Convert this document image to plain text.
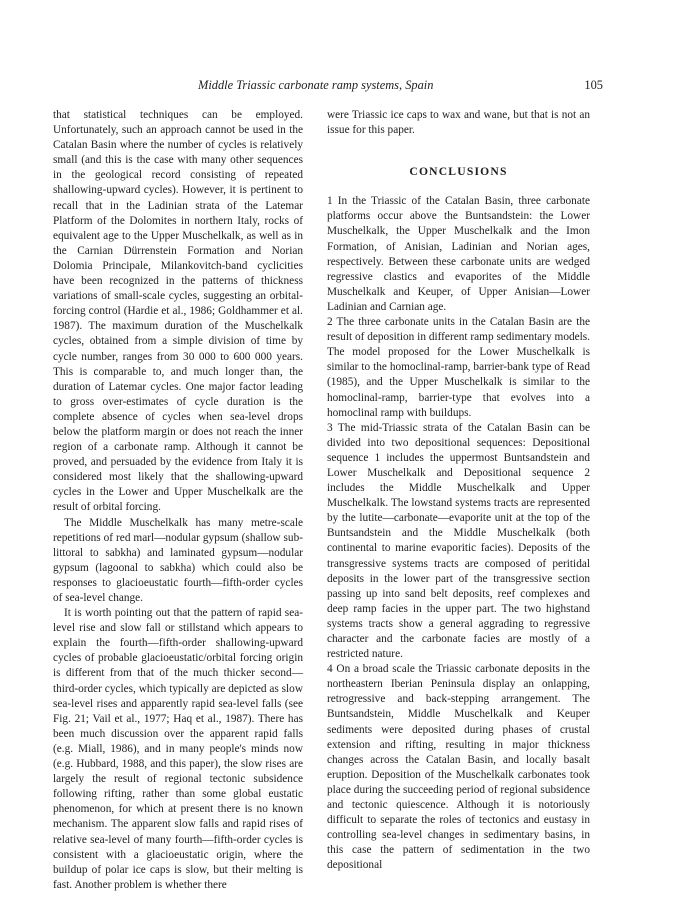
Middle Triassic carbonate ramp systems, Spain	105

that statistical techniques can be employed. Unfortunately, such an approach cannot be used in the Catalan Basin where the number of cycles is relatively small (and this is the case with many other sequences in the geological record consisting of repeated shallowing-upward cycles). However, it is pertinent to recall that in the Ladinian strata of the Latemar Platform of the Dolomites in northern Italy, rocks of equivalent age to the Upper Muschelkalk, as well as in the Carnian Dürrenstein Formation and Norian Dolomia Principale, Milankovitch-band cyclicities have been recognized in the patterns of thickness variations of small-scale cycles, suggesting an orbital-forcing control (Hardie et al., 1986; Goldhammer et al. 1987). The maximum duration of the Muschelkalk cycles, obtained from a simple division of time by cycle number, ranges from 30 000 to 600 000 years. This is comparable to, and much longer than, the duration of Latemar cycles. One major factor leading to gross over-estimates of cycle duration is the complete absence of cycles when sea-level drops below the platform margin or does not reach the inner region of a carbonate ramp. Although it cannot be proved, and persuaded by the evidence from Italy it is considered most likely that the shallowing-upward cycles in the Lower and Upper Muschelkalk are the result of orbital forcing.

The Middle Muschelkalk has many metre-scale repetitions of red marl—nodular gypsum (shallow sub-littoral to sabkha) and laminated gypsum—nodular gypsum (lagoonal to sabkha) which could also be responses to glacioeustatic fourth—fifth-order cycles of sea-level change.

It is worth pointing out that the pattern of rapid sea-level rise and slow fall or stillstand which appears to explain the fourth—fifth-order shallowing-upward cycles of probable glacioeustatic/orbital forcing origin is different from that of the much thicker second—third-order cycles, which typically are depicted as slow sea-level rises and apparently rapid sea-level falls (see Fig. 21; Vail et al., 1977; Haq et al., 1987). There has been much discussion over the apparent rapid falls (e.g. Miall, 1986), and in many people's minds now (e.g. Hubbard, 1988, and this paper), the slow rises are largely the result of regional tectonic subsidence following rifting, rather than some global eustatic phenomenon, for which at present there is no known mechanism. The apparent slow falls and rapid rises of relative sea-level of many fourth—fifth-order cycles is consistent with a glacioeustatic origin, where the buildup of polar ice caps is slow, but their melting is fast. Another problem is whether there

were Triassic ice caps to wax and wane, but that is not an issue for this paper.

CONCLUSIONS

1 In the Triassic of the Catalan Basin, three carbonate platforms occur above the Buntsandstein: the Lower Muschelkalk, the Upper Muschelkalk and the Imon Formation, of Anisian, Ladinian and Norian ages, respectively. Between these carbonate units are wedged regressive clastics and evaporites of the Middle Muschelkalk and Keuper, of Upper Anisian—Lower Ladinian and Carnian age.

2 The three carbonate units in the Catalan Basin are the result of deposition in different ramp sedimentary models. The model proposed for the Lower Muschelkalk is similar to the homoclinal-ramp, barrier-bank type of Read (1985), and the Upper Muschelkalk is similar to the homoclinal-ramp, barrier-type that evolves into a homoclinal ramp with buildups.

3 The mid-Triassic strata of the Catalan Basin can be divided into two depositional sequences: Depositional sequence 1 includes the uppermost Buntsandstein and Lower Muschelkalk and Depositional sequence 2 includes the Middle Muschelkalk and Upper Muschelkalk. The lowstand systems tracts are represented by the lutite—carbonate—evaporite unit at the top of the Buntsandstein and the Middle Muschelkalk (both continental to marine evaporitic facies). Deposits of the transgressive systems tracts are composed of peritidal deposits in the lower part of the transgressive section passing up into sand belt deposits, reef complexes and deep ramp facies in the upper part. The two highstand systems tracts show a general aggrading to regressive character and the carbonate facies are mostly of a restricted nature.

4 On a broad scale the Triassic carbonate deposits in the northeastern Iberian Peninsula display an onlapping, retrogressive and back-stepping arrangement. The Buntsandstein, Middle Muschelkalk and Keuper sediments were deposited during phases of crustal extension and rifting, resulting in major thickness changes across the Catalan Basin, and locally basalt eruption. Deposition of the Muschelkalk carbonates took place during the succeeding period of regional subsidence and tectonic quiescence. Although it is notoriously difficult to separate the roles of tectonics and eustasy in controlling sea-level changes in sedimentary basins, in this case the pattern of sedimentation in the two depositional
